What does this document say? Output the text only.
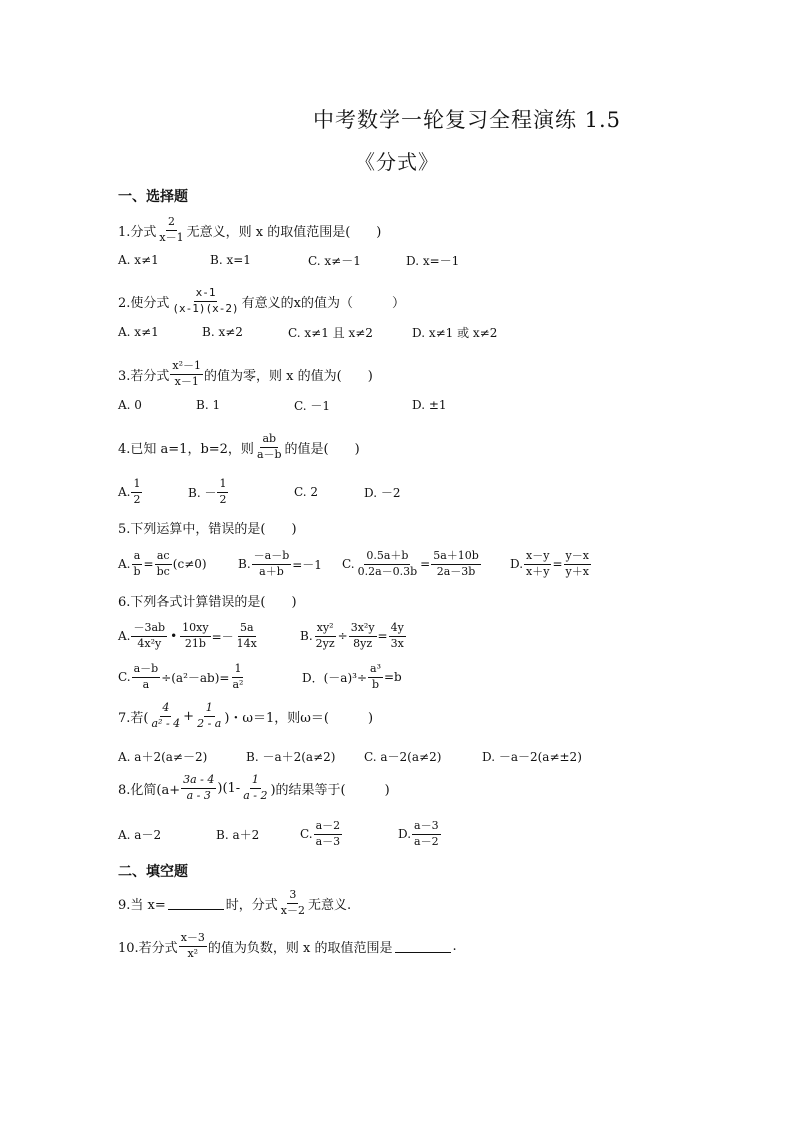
中考数学一轮复习全程演练 1.5
《分式》
一、选择题
1.分式 $\frac{2}{x-1}$ 无意义，则 x 的取值范围是(　　)
A. x≠1	B. x=1	C. x≠－1	D. x=－1
2.使分式 $\frac{x-1}{(x-1)(x-2)}$ 有意义的x的值为（　　　）
A. x≠1	B. x≠2	C. x≠1 且 x≠2	D. x≠1 或 x≠2
3.若分式 $\frac{\text{x²－1}}{x-1}$ 的值为零，则 x 的值为(　　)
A. 0	B. 1	C. －1	D. ±1
4.已知 a=1，b=2，则 $\frac{ab}{a-b}$ 的值是(　　)
A. $\frac{1}{2}$	B. － $\frac{1}{2}$	C. 2	D. －2
5.下列运算中，错误的是(　　)
A. $\frac{a}{b} = \frac{ac}{bc} (c\ne 0)$	B. $\frac{-a-b}{a+b} =-1$ C. $\frac{0.5a+b}{0.2a-0.3b} = \frac{5a+10b}{2a-3b} D$. $\frac{x-y}{x+y} = \frac{y-x}{y+x}$
6.下列各式计算错误的是(　　)
A. $\frac{-3ab}{\text{4x²y}}$ • $\frac{10xy}{21b} =- \frac{5a}{14x}$	B. $\frac{\text{xy²}}{2yz} \div \frac{\text{3x²y}}{8yz} = \frac{4y}{3x}$
C. $\frac{a-b}{a} \div(a^2-ab)= \frac{1}{\text{a²}}$	D．$(-a)^3\div \frac{\text{a³}}{b} =b$
7.若( $\frac{4}{\text{a² - 4}} + \frac{1}{2 - a}$ )・ω＝1，则ω＝(　　　)
A. a＋2(a≠－2)	B. －a＋2(a≠2) C. a－2(a≠2)	D. －a－2(a≠±2)
8.化简$(a+ \frac{3a - 4}{a - 3} )(1- \frac{1}{a - 2}$ )的结果等于(　　　)
A. a－2	B. a＋2	C. $\frac{a-2}{a-3}$	D. $\frac{a-3}{a-2}$
二、填空题
9.当 x=	时，分式 $\frac{3}{x-2}$ 无意义.
10.若分式 $\frac{x-3}{\text{x²}}$ 的值为负数，则 x 的取值范围是	.
